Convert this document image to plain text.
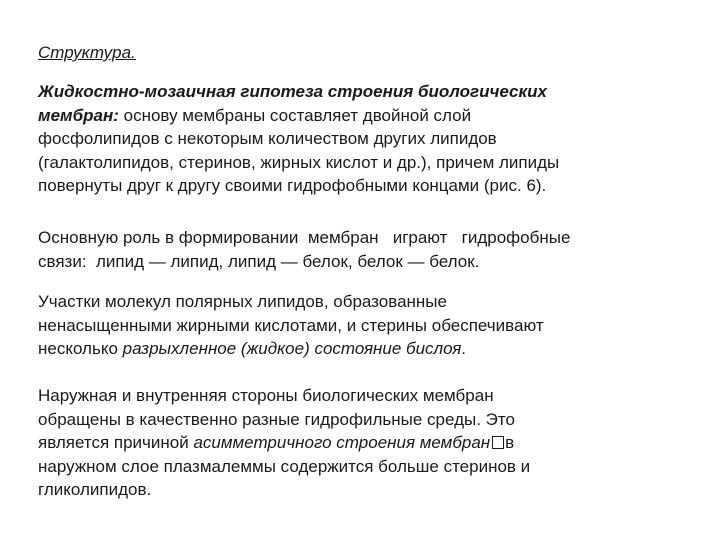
Структура.

Жидкостно-мозаичная гипотеза строения биологических
мембран: основу мембраны составляет двойной слой
фосфолипидов с некоторым количеством других липидов
(галактолипидов, стеринов, жирных кислот и др.), причем липиды
повернуты друг к другу своими гидрофобными концами (рис. 6).

Основную роль в формировании  мембран   играют   гидрофобные
связи:  липид — липид, липид — белок, белок — белок.

Участки молекул полярных липидов, образованные
ненасыщенными жирными кислотами, и стерины обеспечивают
несколько разрыхленное (жидкое) состояние бислоя.

Наружная и внутренняя стороны биологических мембран
обращены в качественно разные гидрофильные среды. Это
является причиной асимметричного строения мембран в
наружном слое плазмалеммы содержится больше стеринов и
гликолипидов.
